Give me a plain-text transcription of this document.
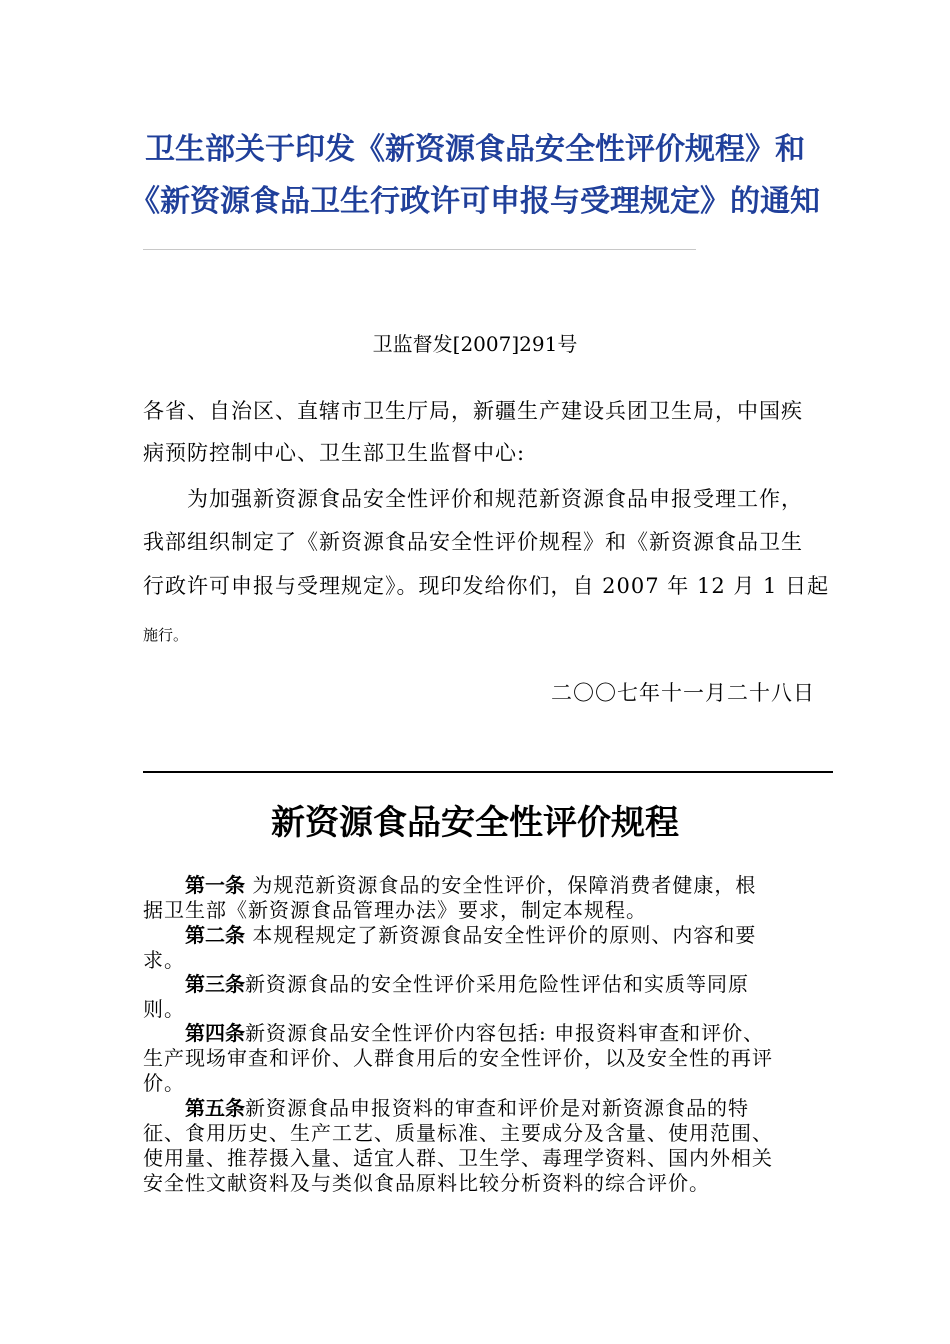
卫生部关于印发《新资源食品安全性评价规程》和
《新资源食品卫生行政许可申报与受理规定》的通知
卫监督发[2007]291号
各省、自治区、直辖市卫生厅局，新疆生产建设兵团卫生局，中国疾
病预防控制中心、卫生部卫生监督中心:
　　为加强新资源食品安全性评价和规范新资源食品申报受理工作，
我部组织制定了《新资源食品安全性评价规程》和《新资源食品卫生
行政许可申报与受理规定》。现印发给你们，自 2007 年 12 月 1 日起
施行。
二〇〇七年十一月二十八日
新资源食品安全性评价规程
　　第一条 为规范新资源食品的安全性评价，保障消费者健康，根
据卫生部《新资源食品管理办法》要求，制定本规程。
　　第二条 本规程规定了新资源食品安全性评价的原则、内容和要
求。
　　第三条新资源食品的安全性评价采用危险性评估和实质等同原
则。
　　第四条新资源食品安全性评价内容包括: 申报资料审查和评价、
生产现场审查和评价、人群食用后的安全性评价，以及安全性的再评
价。
　　第五条新资源食品申报资料的审查和评价是对新资源食品的特
征、食用历史、生产工艺、质量标准、主要成分及含量、使用范围、
使用量、推荐摄入量、适宜人群、卫生学、毒理学资料、国内外相关
安全性文献资料及与类似食品原料比较分析资料的综合评价。
